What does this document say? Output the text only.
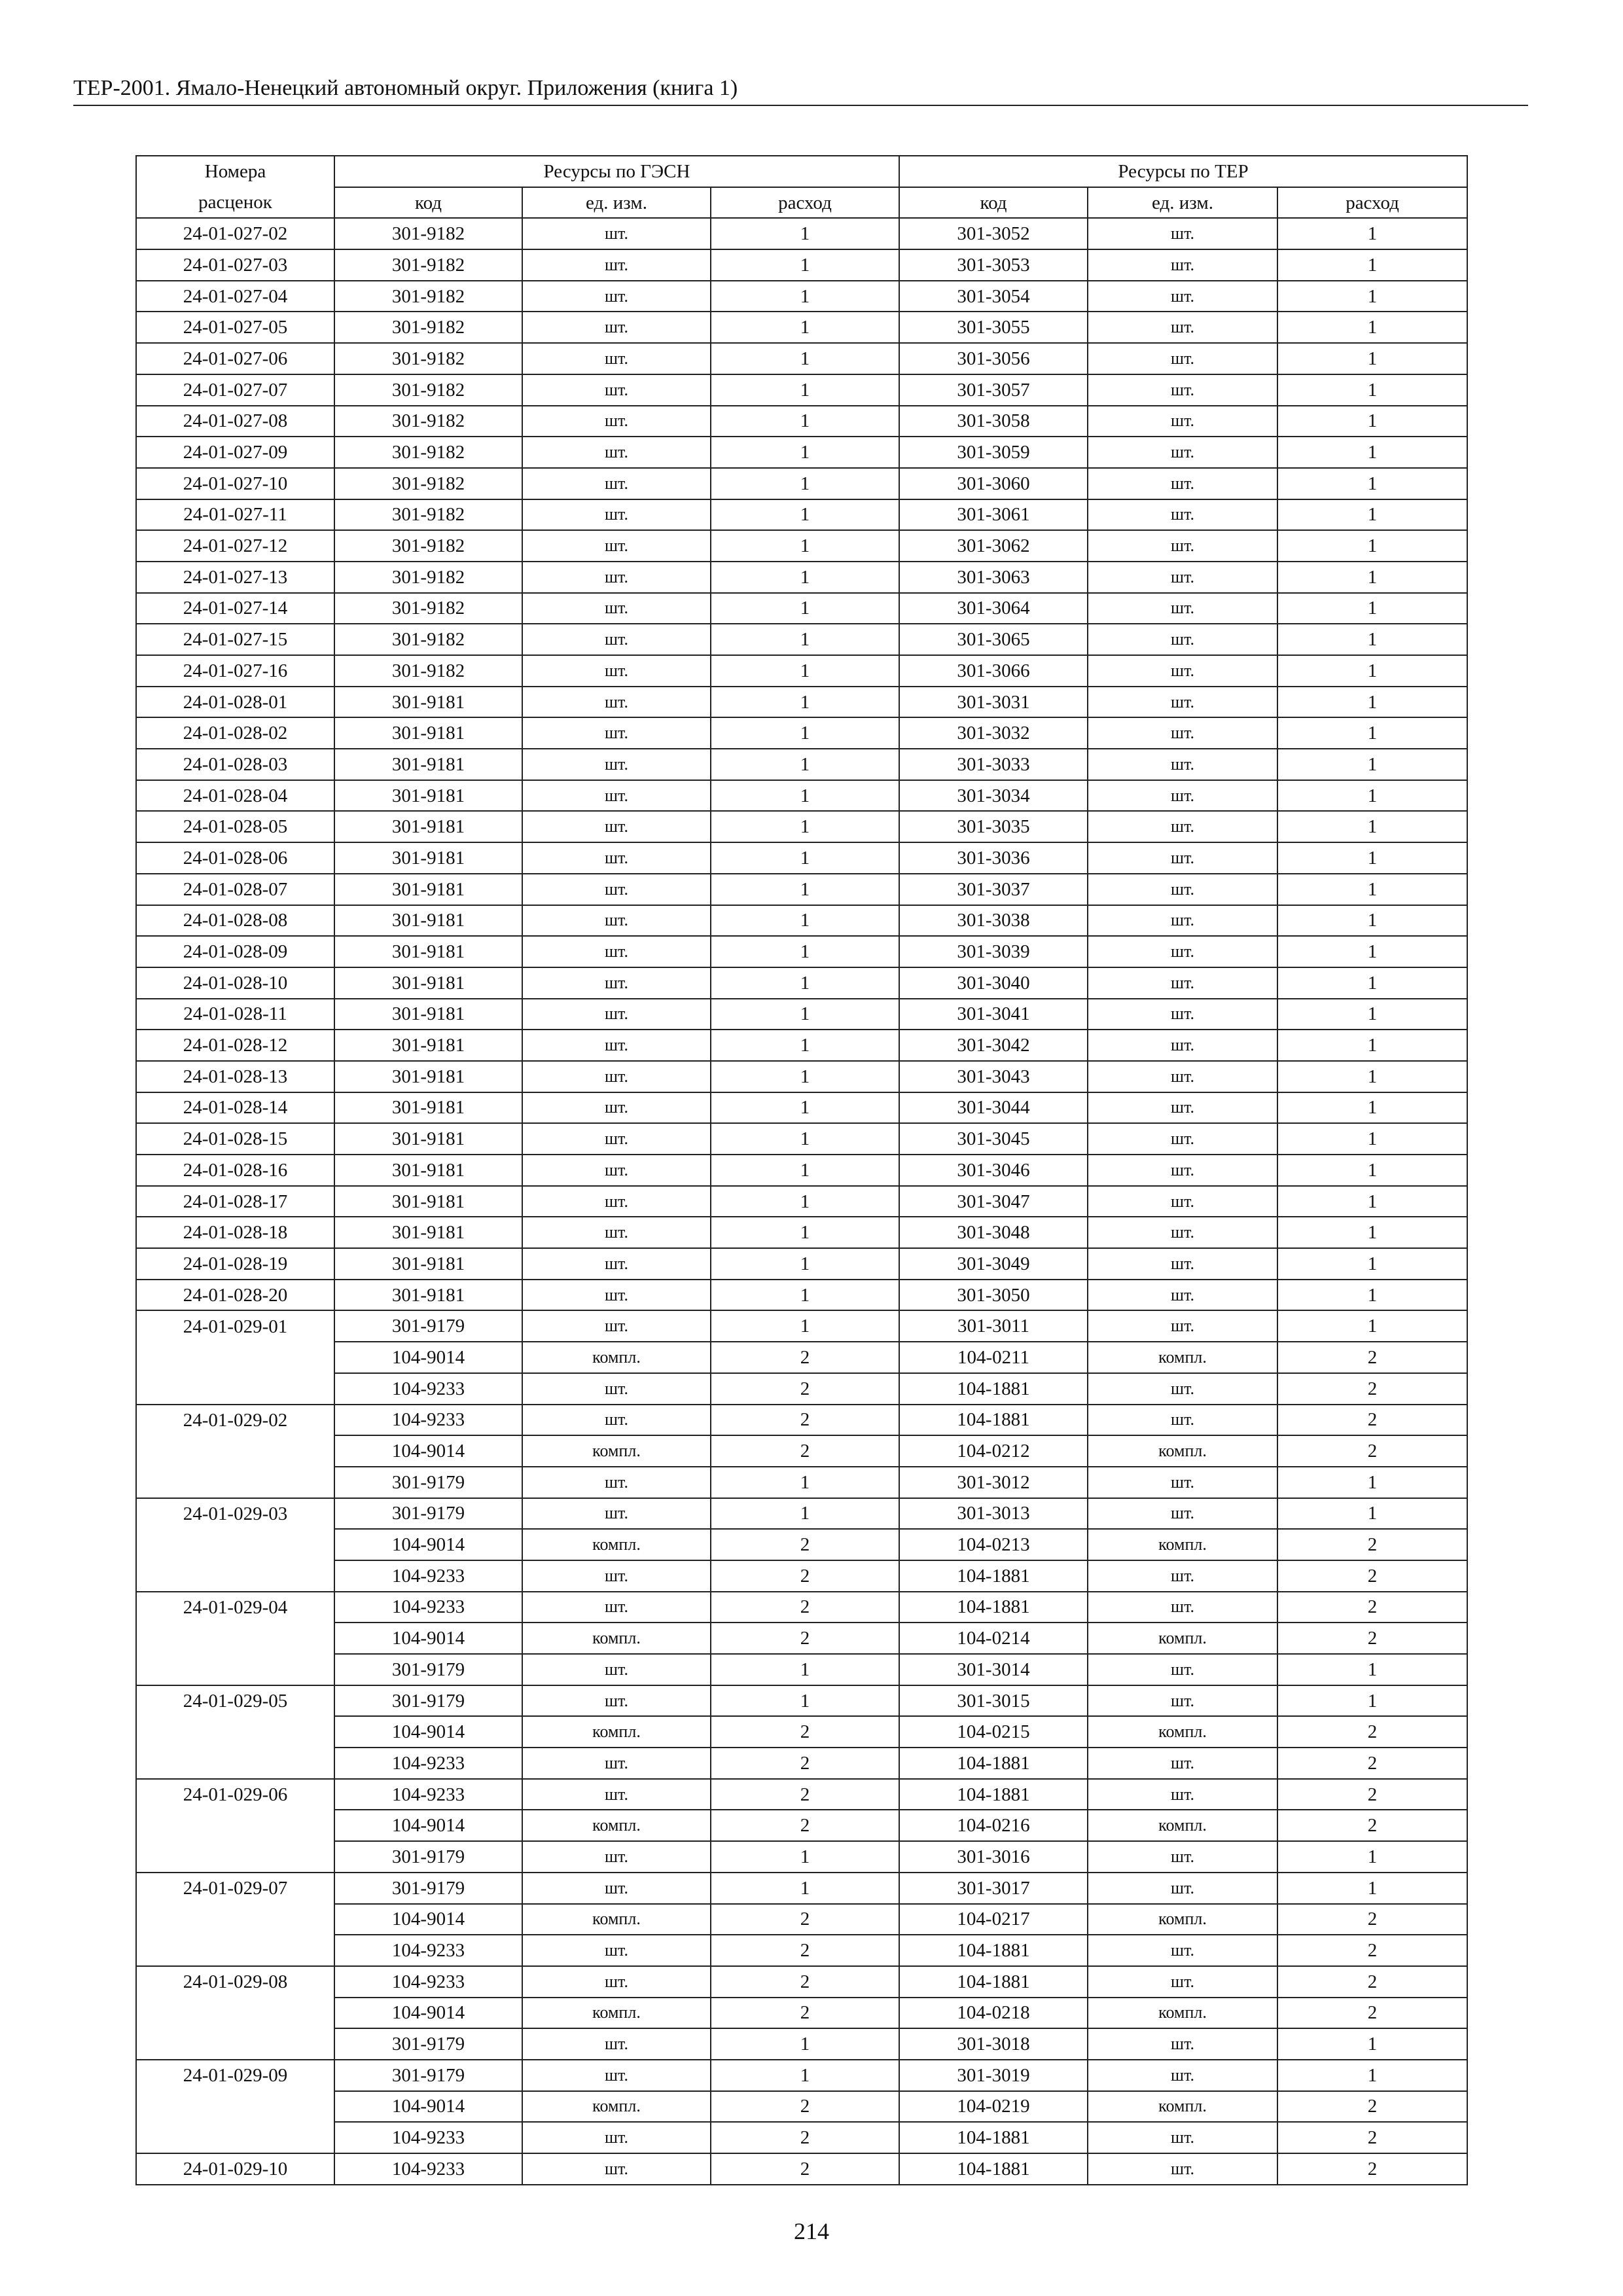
ТЕР-2001. Ямало-Ненецкий автономный округ. Приложения (книга 1)
Номера	Ресурсы по ГЭСН			Ресурсы по ТЕР		
расценок	код	ед. изм.	расход	код	ед. изм.	расход
24-01-027-02	301-9182	шт.	1	301-3052	шт.	1
24-01-027-03	301-9182	шт.	1	301-3053	шт.	1
24-01-027-04	301-9182	шт.	1	301-3054	шт.	1
24-01-027-05	301-9182	шт.	1	301-3055	шт.	1
24-01-027-06	301-9182	шт.	1	301-3056	шт.	1
24-01-027-07	301-9182	шт.	1	301-3057	шт.	1
24-01-027-08	301-9182	шт.	1	301-3058	шт.	1
24-01-027-09	301-9182	шт.	1	301-3059	шт.	1
24-01-027-10	301-9182	шт.	1	301-3060	шт.	1
24-01-027-11	301-9182	шт.	1	301-3061	шт.	1
24-01-027-12	301-9182	шт.	1	301-3062	шт.	1
24-01-027-13	301-9182	шт.	1	301-3063	шт.	1
24-01-027-14	301-9182	шт.	1	301-3064	шт.	1
24-01-027-15	301-9182	шт.	1	301-3065	шт.	1
24-01-027-16	301-9182	шт.	1	301-3066	шт.	1
24-01-028-01	301-9181	шт.	1	301-3031	шт.	1
24-01-028-02	301-9181	шт.	1	301-3032	шт.	1
24-01-028-03	301-9181	шт.	1	301-3033	шт.	1
24-01-028-04	301-9181	шт.	1	301-3034	шт.	1
24-01-028-05	301-9181	шт.	1	301-3035	шт.	1
24-01-028-06	301-9181	шт.	1	301-3036	шт.	1
24-01-028-07	301-9181	шт.	1	301-3037	шт.	1
24-01-028-08	301-9181	шт.	1	301-3038	шт.	1
24-01-028-09	301-9181	шт.	1	301-3039	шт.	1
24-01-028-10	301-9181	шт.	1	301-3040	шт.	1
24-01-028-11	301-9181	шт.	1	301-3041	шт.	1
24-01-028-12	301-9181	шт.	1	301-3042	шт.	1
24-01-028-13	301-9181	шт.	1	301-3043	шт.	1
24-01-028-14	301-9181	шт.	1	301-3044	шт.	1
24-01-028-15	301-9181	шт.	1	301-3045	шт.	1
24-01-028-16	301-9181	шт.	1	301-3046	шт.	1
24-01-028-17	301-9181	шт.	1	301-3047	шт.	1
24-01-028-18	301-9181	шт.	1	301-3048	шт.	1
24-01-028-19	301-9181	шт.	1	301-3049	шт.	1
24-01-028-20	301-9181	шт.	1	301-3050	шт.	1
24-01-029-01	301-9179	шт.	1	301-3011	шт.	1
	104-9014	компл.	2	104-0211	компл.	2
	104-9233	шт.	2	104-1881	шт.	2
24-01-029-02	104-9233	шт.	2	104-1881	шт.	2
	104-9014	компл.	2	104-0212	компл.	2
	301-9179	шт.	1	301-3012	шт.	1
24-01-029-03	301-9179	шт.	1	301-3013	шт.	1
	104-9014	компл.	2	104-0213	компл.	2
	104-9233	шт.	2	104-1881	шт.	2
24-01-029-04	104-9233	шт.	2	104-1881	шт.	2
	104-9014	компл.	2	104-0214	компл.	2
	301-9179	шт.	1	301-3014	шт.	1
24-01-029-05	301-9179	шт.	1	301-3015	шт.	1
	104-9014	компл.	2	104-0215	компл.	2
	104-9233	шт.	2	104-1881	шт.	2
24-01-029-06	104-9233	шт.	2	104-1881	шт.	2
	104-9014	компл.	2	104-0216	компл.	2
	301-9179	шт.	1	301-3016	шт.	1
24-01-029-07	301-9179	шт.	1	301-3017	шт.	1
	104-9014	компл.	2	104-0217	компл.	2
	104-9233	шт.	2	104-1881	шт.	2
24-01-029-08	104-9233	шт.	2	104-1881	шт.	2
	104-9014	компл.	2	104-0218	компл.	2
	301-9179	шт.	1	301-3018	шт.	1
24-01-029-09	301-9179	шт.	1	301-3019	шт.	1
	104-9014	компл.	2	104-0219	компл.	2
	104-9233	шт.	2	104-1881	шт.	2
24-01-029-10	104-9233	шт.	2	104-1881	шт.	2
214
